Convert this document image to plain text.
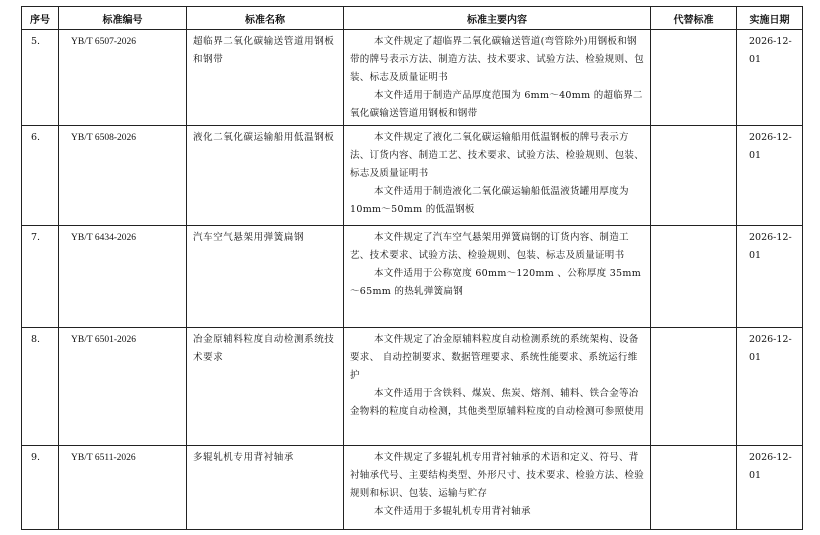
序号	标准编号	标准名称	标准主要内容	代替标准	实施日期
5.	YB/T 6507-2026	超临界二氧化碳输送管道用钢板和钢带	本文件规定了超临界二氧化碳输送管道(弯管除外)用钢板和钢带的牌号表示方法、制造方法、技术要求、试验方法、检验规则、包装、标志及质量证明书

本文件适用于制造产品厚度范围为 6mm～40mm 的超临界二氧化碳输送管道用钢板和钢带		2026-12-01
6.	YB/T 6508-2026	液化二氧化碳运输船用低温钢板	本文件规定了液化二氧化碳运输船用低温钢板的牌号表示方法、订货内容、制造工艺、技术要求、试验方法、检验规则、包装、标志及质量证明书

本文件适用于制造液化二氧化碳运输船低温液货罐用厚度为 10mm～50mm 的低温钢板		2026-12-01
7.	YB/T 6434-2026	汽车空气悬架用弹簧扁钢	本文件规定了汽车空气悬架用弹簧扁钢的订货内容、制造工艺、技术要求、试验方法、检验规则、包装、标志及质量证明书

本文件适用于公称宽度 60mm～120mm 、公称厚度 35mm～65mm 的热轧弹簧扁钢		2026-12-01
8.	YB/T 6501-2026	冶金原辅料粒度自动检测系统技术要求	本文件规定了冶金原辅料粒度自动检测系统的系统架构、设备要求、 自动控制要求、数据管理要求、系统性能要求、系统运行维护

本文件适用于含铁料、煤炭、焦炭、熔剂、辅料、铁合金等冶金物料的粒度自动检测，其他类型原辅料粒度的自动检测可参照使用		2026-12-01
9.	YB/T 6511-2026	多辊轧机专用背衬轴承	本文件规定了多辊轧机专用背衬轴承的术语和定义、符号、背衬轴承代号、主要结构类型、外形尺寸、技术要求、检验方法、检验规则和标识、包装、运输与贮存

本文件适用于多辊轧机专用背衬轴承		2026-12-01
